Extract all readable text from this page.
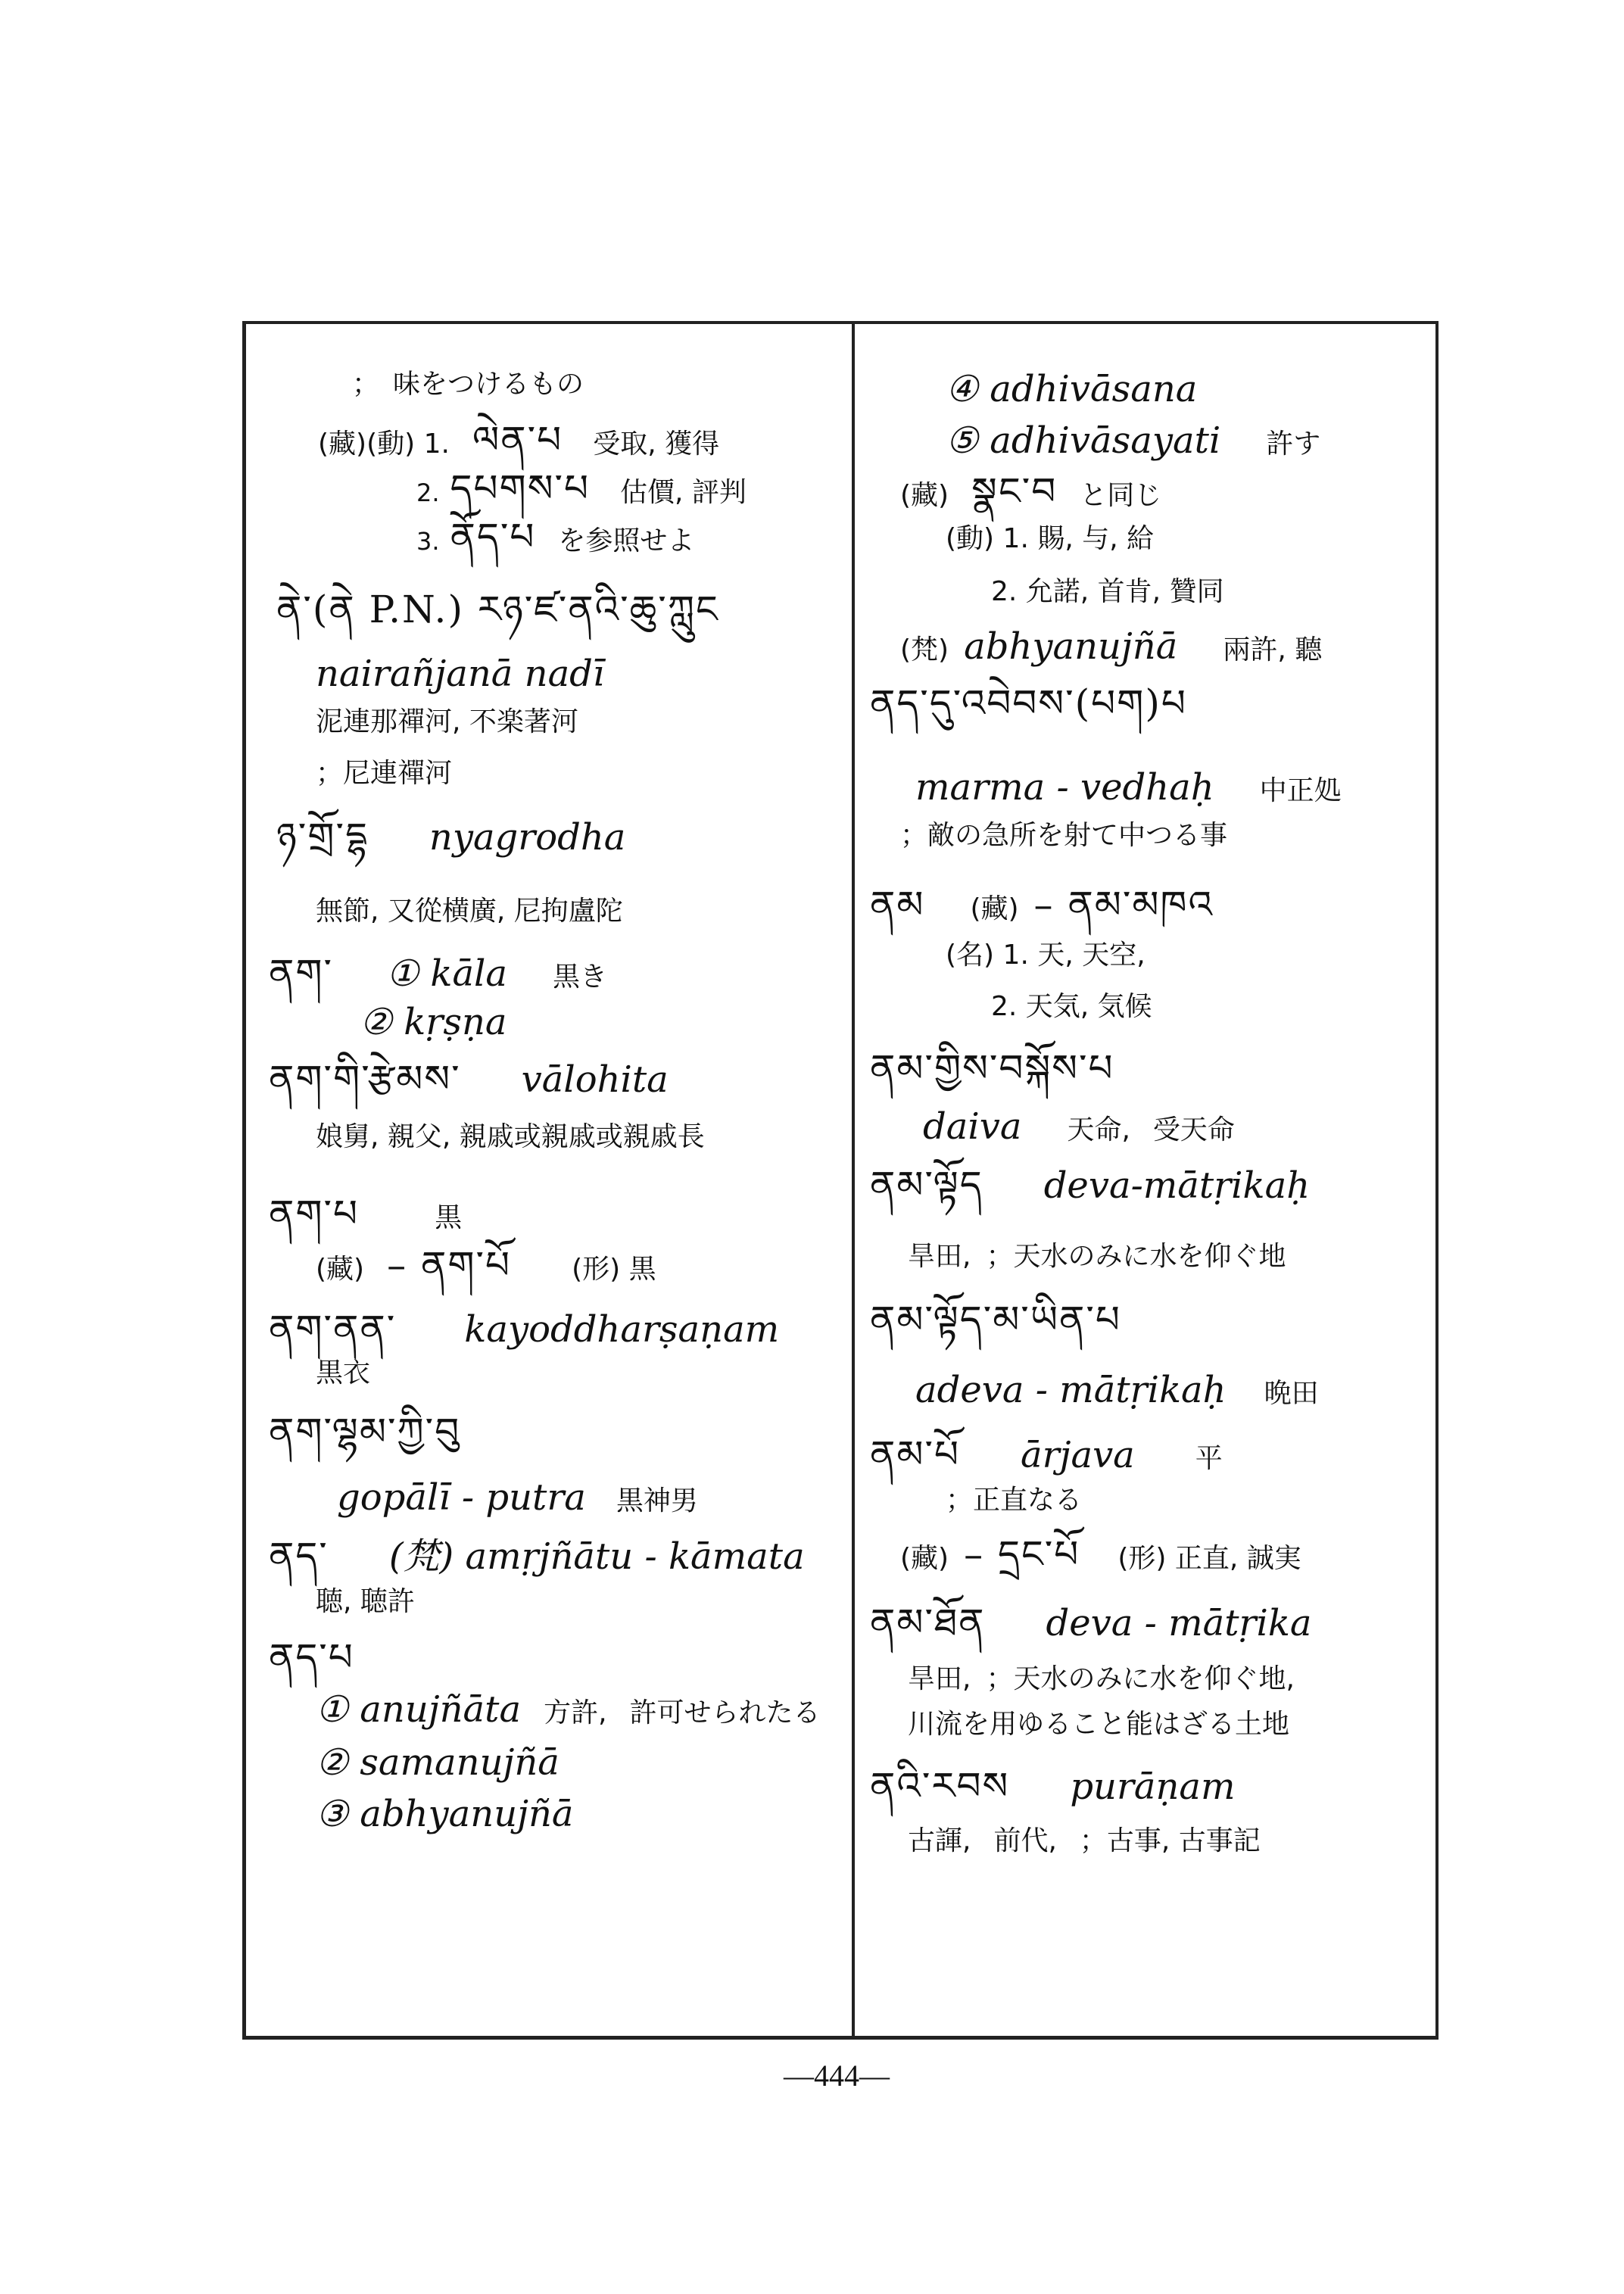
；　味をつけるもの
(藏)(動) 1. ལེན་པ 受取, 獲得
2. དཔགས་པ 估價, 評判
3. ནོད་པ を参照せよ
ནེ་(ནེ P.N.) རཉ་ཛ་ནའི་ཆུ་ཀླུང
nairañjanā nadī
泥連那禪河, 不楽著河
；尼連禪河
ཉ་གྲོ་དྷ nyagrodha
無節, 又從横廣, 尼拘盧陀
ནག་ ① kāla 黒き
② kṛṣṇa
ནག་གི་རྩེམས་ vālohita
娘舅, 親父, 親戚或親戚或親戚長
ནག་པ	黒
(藏) – ནག་པོ (形) 黒
ནག་ནན་ kayoddharṣaṇam
黒衣
ནག་ལྷམ་ཀྱི་བུ
gopālī - putra 黒神男
ནད་ (梵) amṛjñātu - kāmata
聴, 聴許
ནད་པ
① anujñāta 方許, 許可せられたる
② samanujñā
③ abhyanujñā
④ adhivāsana
⑤ adhivāsayati 許す
(藏) སྣང་བ と同じ
(動) 1. 賜, 与, 給
2. 允諾, 首肯, 贊同
(梵) abhyanujñā 兩許, 聽
ནད་དུ་འབེབས་(པག)པ
marma - vedhaḥ 中正処
；敵の急所を射て中つる事
ནམ (藏) – ནམ་མཁའ
(名) 1. 天, 天空,
2. 天気, 気候
ནམ་གྱིས་བསྐོས་པ
daiva 天命, 受天命
ནམ་ལྟོད deva-mātṛikaḥ
旱田, ；天水のみに水を仰ぐ地
ནམ་ལྟོད་མ་ཡིན་པ
adeva - mātṛikaḥ 晩田
ནམ་པོ ārjava 平
；正直なる
(藏) – དྲང་པོ (形) 正直, 誠実
ནམ་ཐོན deva - mātṛika
旱田, ；天水のみに水を仰ぐ地,
川流を用ゆること能はざる土地
ནའི་རབས purāṇam
古諢, 前代, ；古事, 古事記
—444—
